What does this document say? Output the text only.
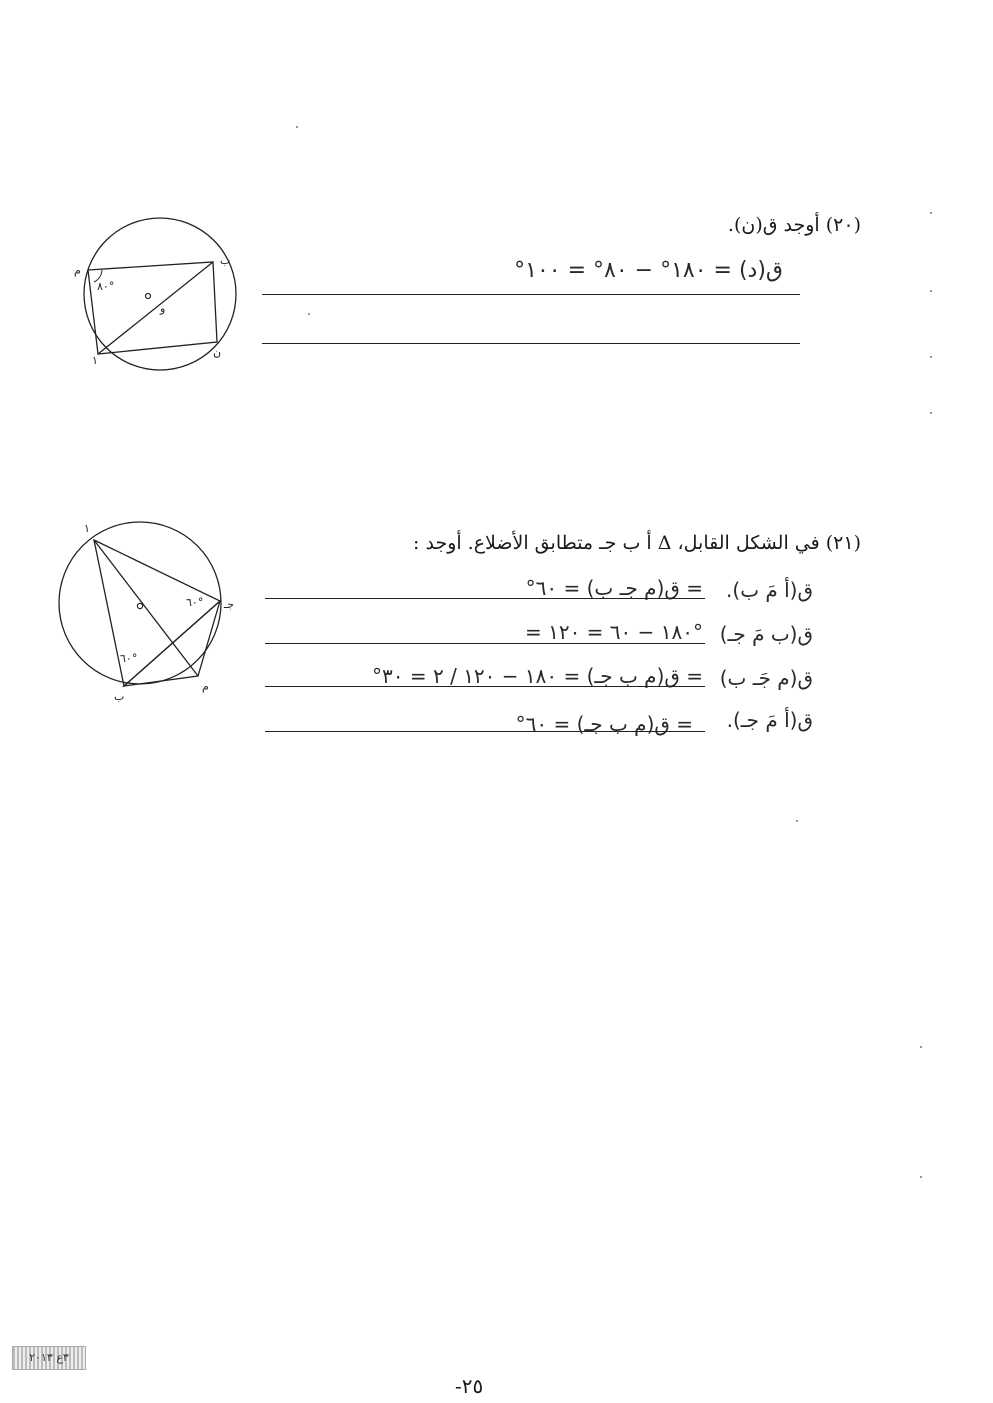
(٢٠) أوجد ق(ن).
ق(د) = ١٨٠° − ٨٠° = ١٠٠°
ب
م
ن
١
و
٨٠°
(٢١) في الشكل القابل، Δ أ ب جـ متطابق الأضلاع. أوجد :
ق(أ مَ ب).
= ق(م جـ ب) = ٦٠°
ق(ب مَ جـ)
= ١٨٠ − ٦٠ = ١٢٠°
ق(م جَـ ب)
= ق(م ب جـ) = ١٨٠ − ١٢٠ / ٢ = ٣٠°
ق(أ مَ جـ).
= ق(م ب جـ) = ٦٠°
١
جـ
ب
م
٦٠°
٦٠°
٣ع ٢٠١٣
-٢٥
